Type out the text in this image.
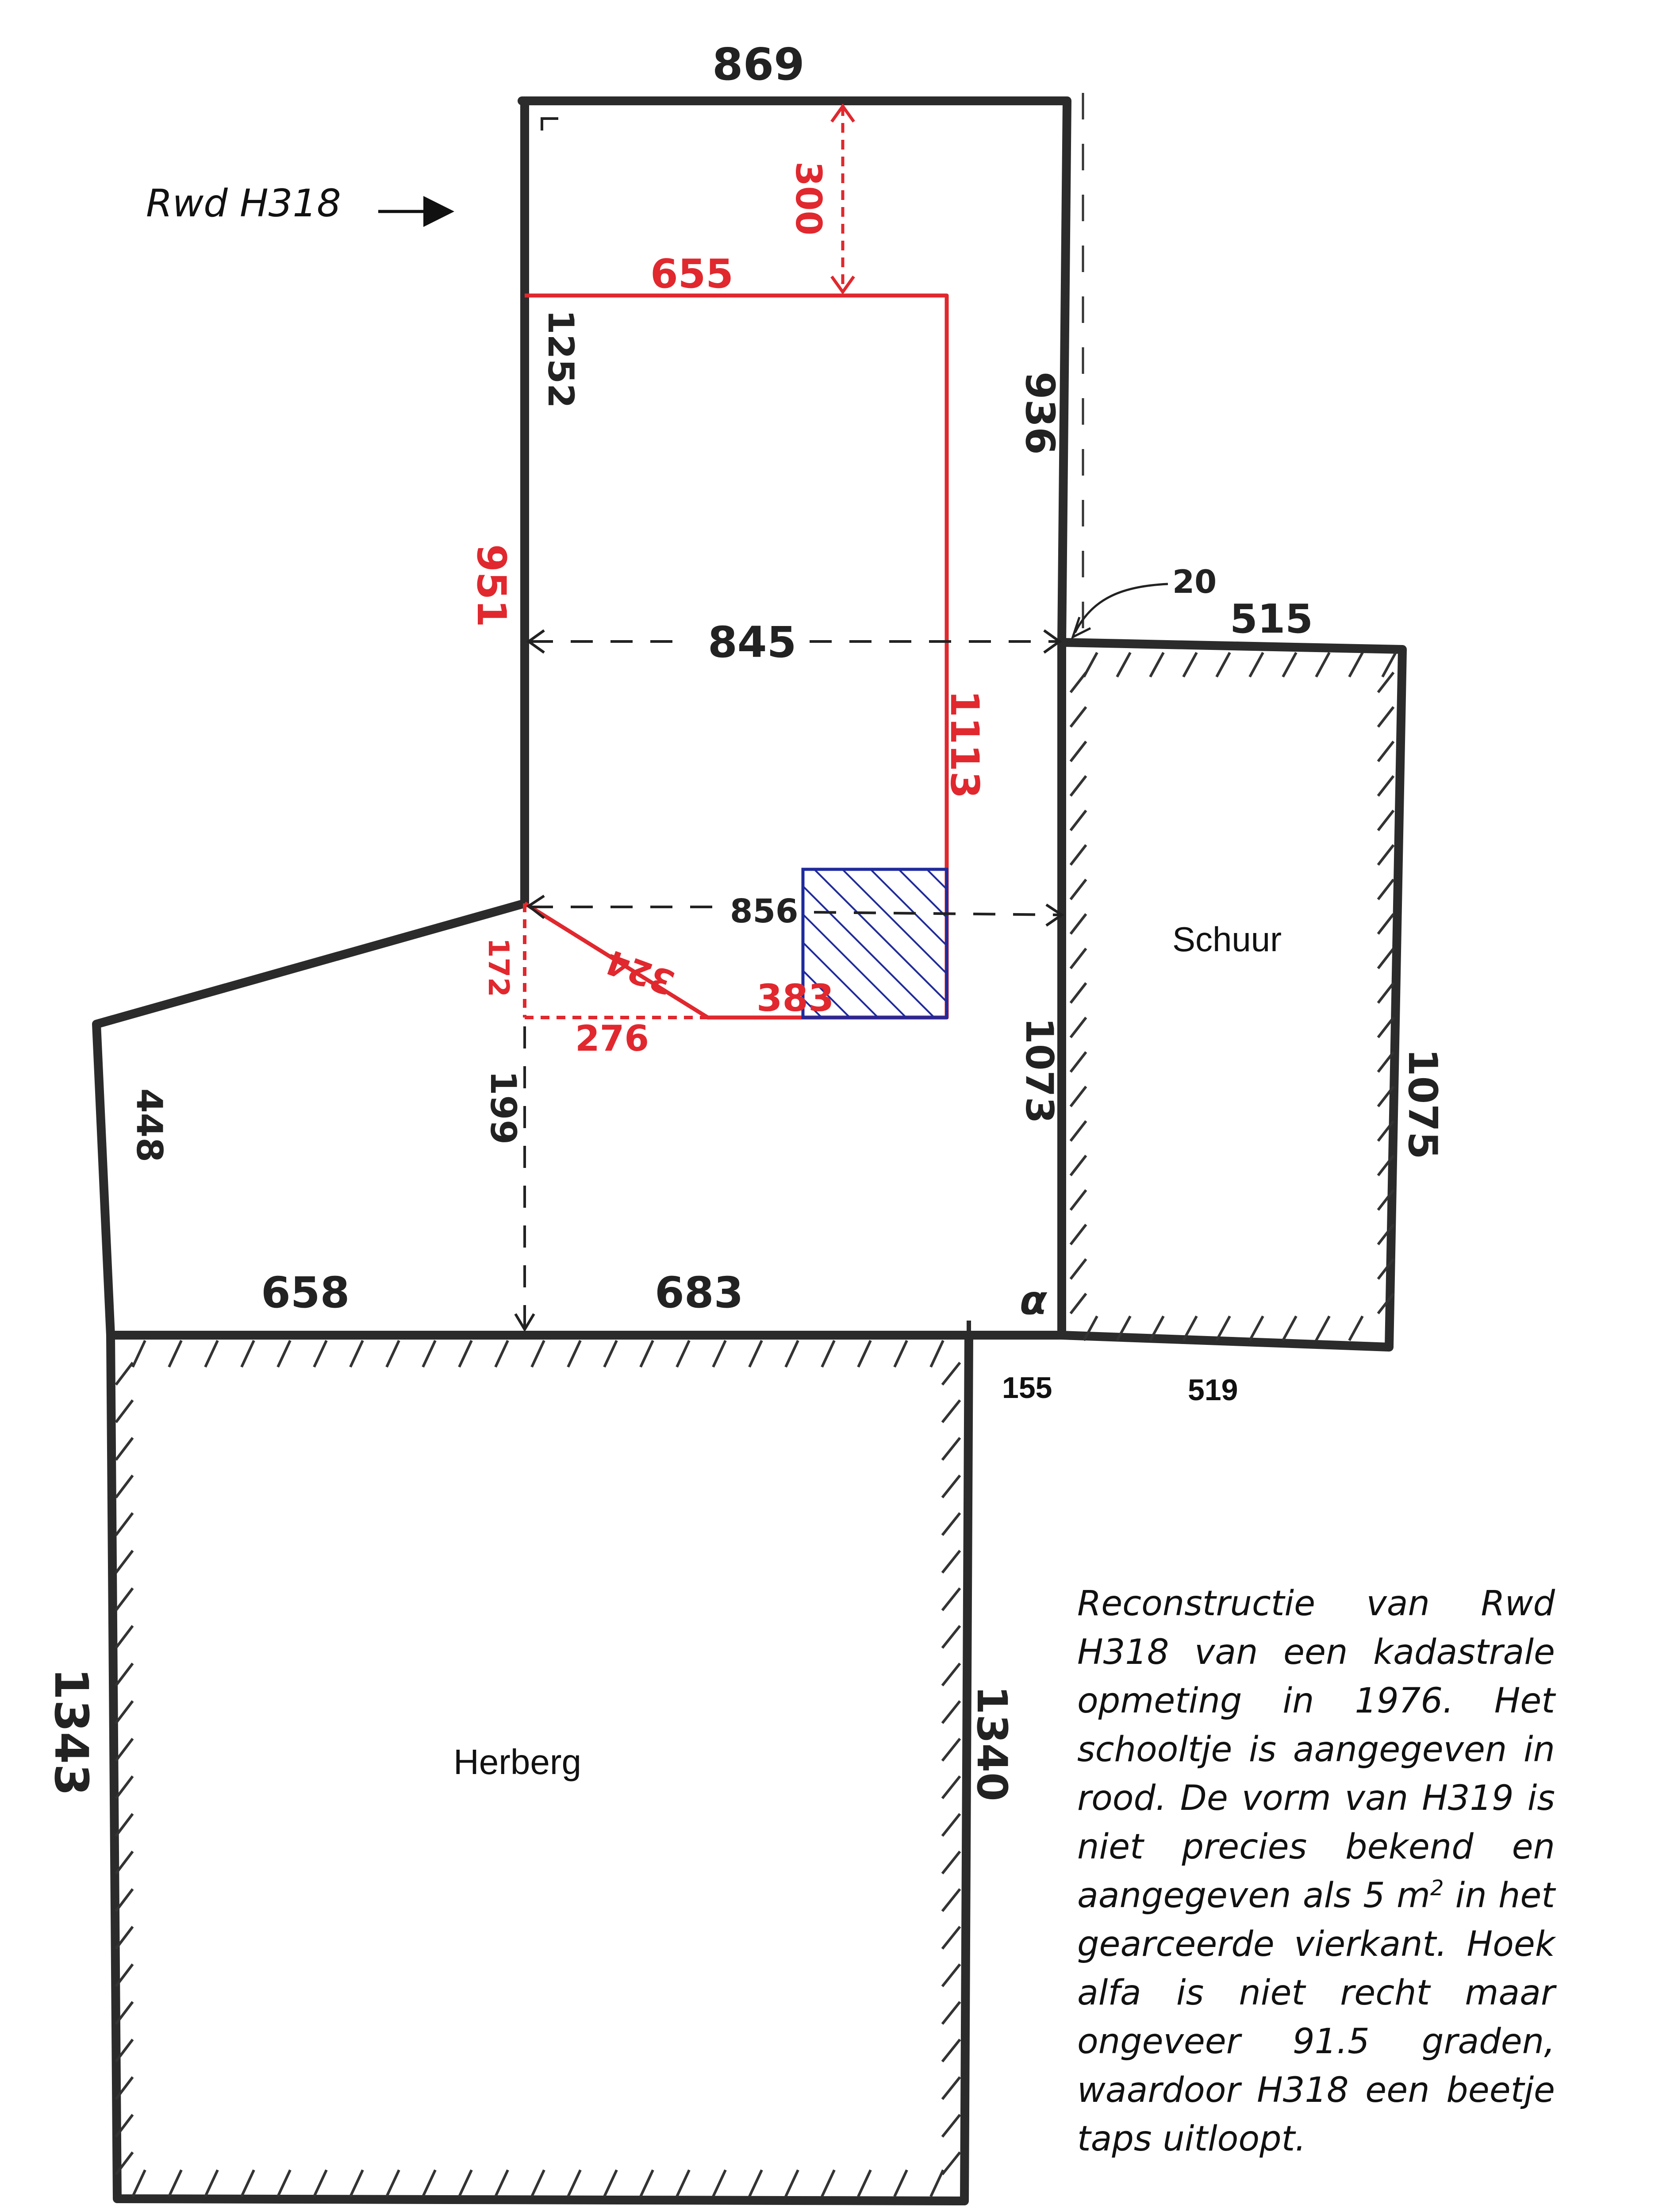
869
936
1252
20
515
845
856
1073	1075
448	199
658	683	α
1343	1340
155	519
Schuur
Herberg
300
655
951
1113
324
172
383
276
Rwd H318
Reconstructie van Rwd H318 van een kadastrale opmeting in 1976. Het schooltje is aangegeven in rood. De vorm van H319 is niet precies bekend en aangegeven als 5 $m^2$ in het gearceerde vierkant. Hoek alfa is niet recht maar ongeveer 91.5 graden, waardoor H318 een beetje taps uitloopt.
